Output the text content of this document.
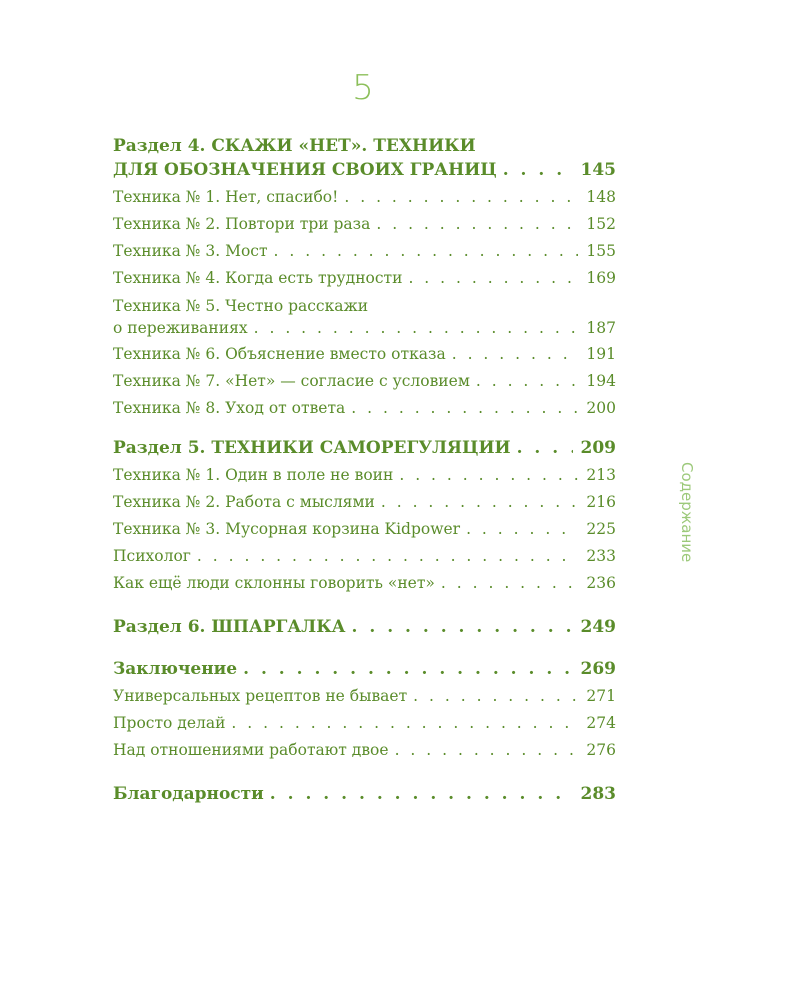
5
Содержание
Раздел 4. СКАЖИ «НЕТ». ТЕХНИКИ
ДЛЯ ОБОЗНАЧЕНИЯ СВОИХ ГРАНИЦ . . .	145
Техника № 1. Нет, спасибо! . . .	148
Техника № 2. Повтори три раза . . .	152
Техника № 3. Мост . . .	155
Техника № 4. Когда есть трудности . . .	169
Техника № 5. Честно расскажи
о переживаниях . . .	187
Техника № 6. Объяснение вместо отказа . . .	191
Техника № 7. «Нет» — согласие с условием . . .	194
Техника № 8. Уход от ответа . . .	200
Раздел 5. ТЕХНИКИ САМОРЕГУЛЯЦИИ . . .	209
Техника № 1. Один в поле не воин . . .	213
Техника № 2. Работа с мыслями . . .	216
Техника № 3. Мусорная корзина Kidpower . . .	225
Психолог . . .	233
Как ещё люди склонны говорить «нет» . . .	236
Раздел 6. ШПАРГАЛКА . . .	249
Заключение . . .	269
Универсальных рецептов не бывает . . .	271
Просто делай . . .	274
Над отношениями работают двое . . .	276
Благодарности . . .	283
